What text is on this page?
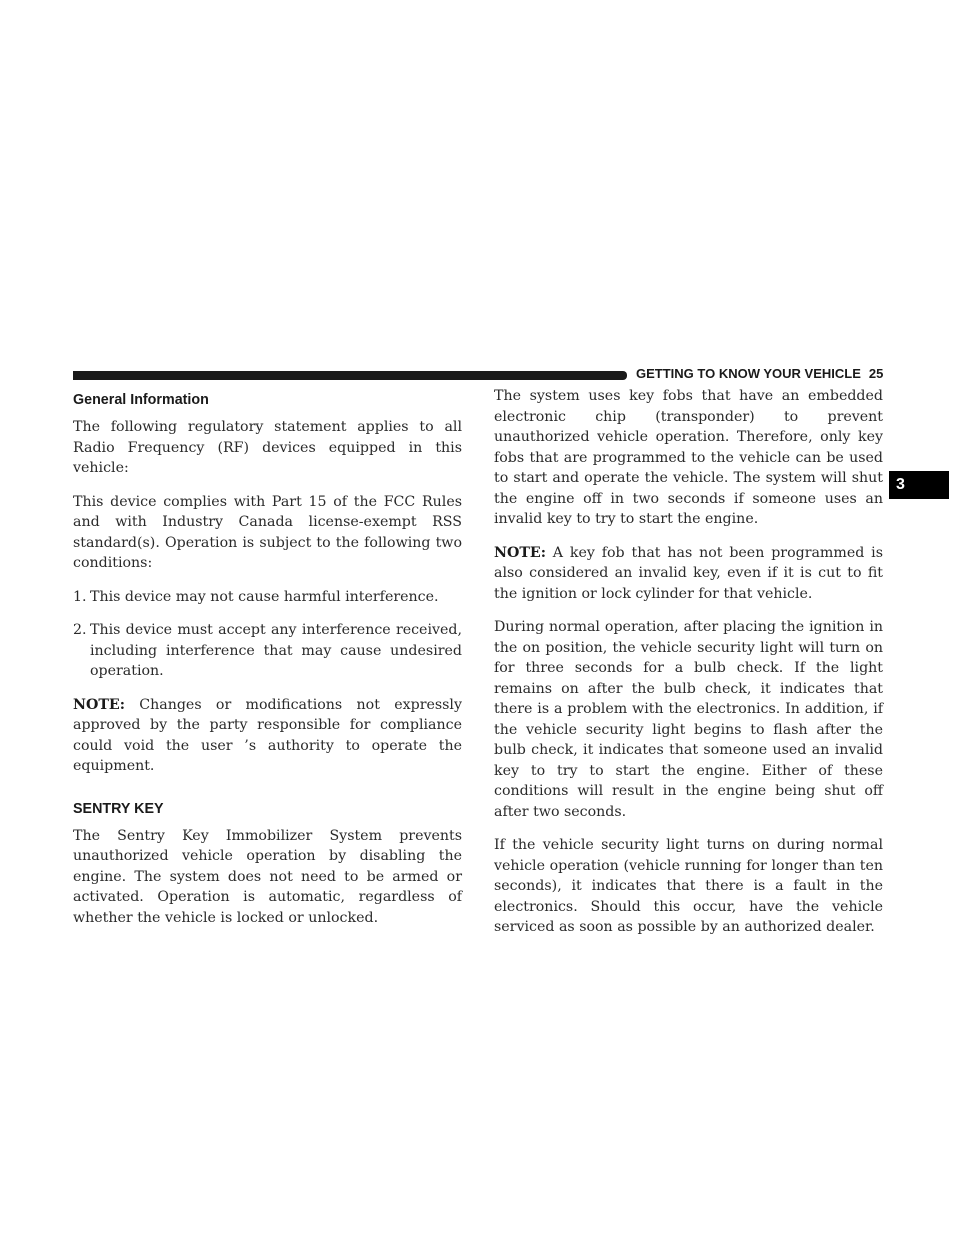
GETTING TO KNOW YOUR VEHICLE 25
3
General Information

The following regulatory statement applies to all Radio Frequency (RF) devices equipped in this vehicle:

This device complies with Part 15 of the FCC Rules and with Industry Canada license-exempt RSS standard(s). Operation is subject to the following two conditions:

1. This device may not cause harmful interference.
2. This device must accept any interference received, including interference that may cause undesired operation.

NOTE: Changes or modifications not expressly approved by the party responsible for compliance could void the user ’s authority to operate the equipment.

SENTRY KEY

The Sentry Key Immobilizer System prevents unauthorized vehicle operation by disabling the engine. The system does not need to be armed or activated. Operation is automatic, regardless of whether the vehicle is locked or unlocked.

The system uses key fobs that have an embedded electronic chip (transponder) to prevent unauthorized vehicle operation. Therefore, only key fobs that are programmed to the vehicle can be used to start and operate the vehicle. The system will shut the engine off in two seconds if someone uses an invalid key to try to start the engine.

NOTE: A key fob that has not been programmed is also considered an invalid key, even if it is cut to fit the ignition or lock cylinder for that vehicle.

During normal operation, after placing the ignition in the on position, the vehicle security light will turn on for three seconds for a bulb check. If the light remains on after the bulb check, it indicates that there is a problem with the electronics. In addition, if the vehicle security light begins to flash after the bulb check, it indicates that someone used an invalid key to try to start the engine. Either of these conditions will result in the engine being shut off after two seconds.

If the vehicle security light turns on during normal vehicle operation (vehicle running for longer than ten seconds), it indicates that there is a fault in the electronics. Should this occur, have the vehicle serviced as soon as possible by an authorized dealer.
